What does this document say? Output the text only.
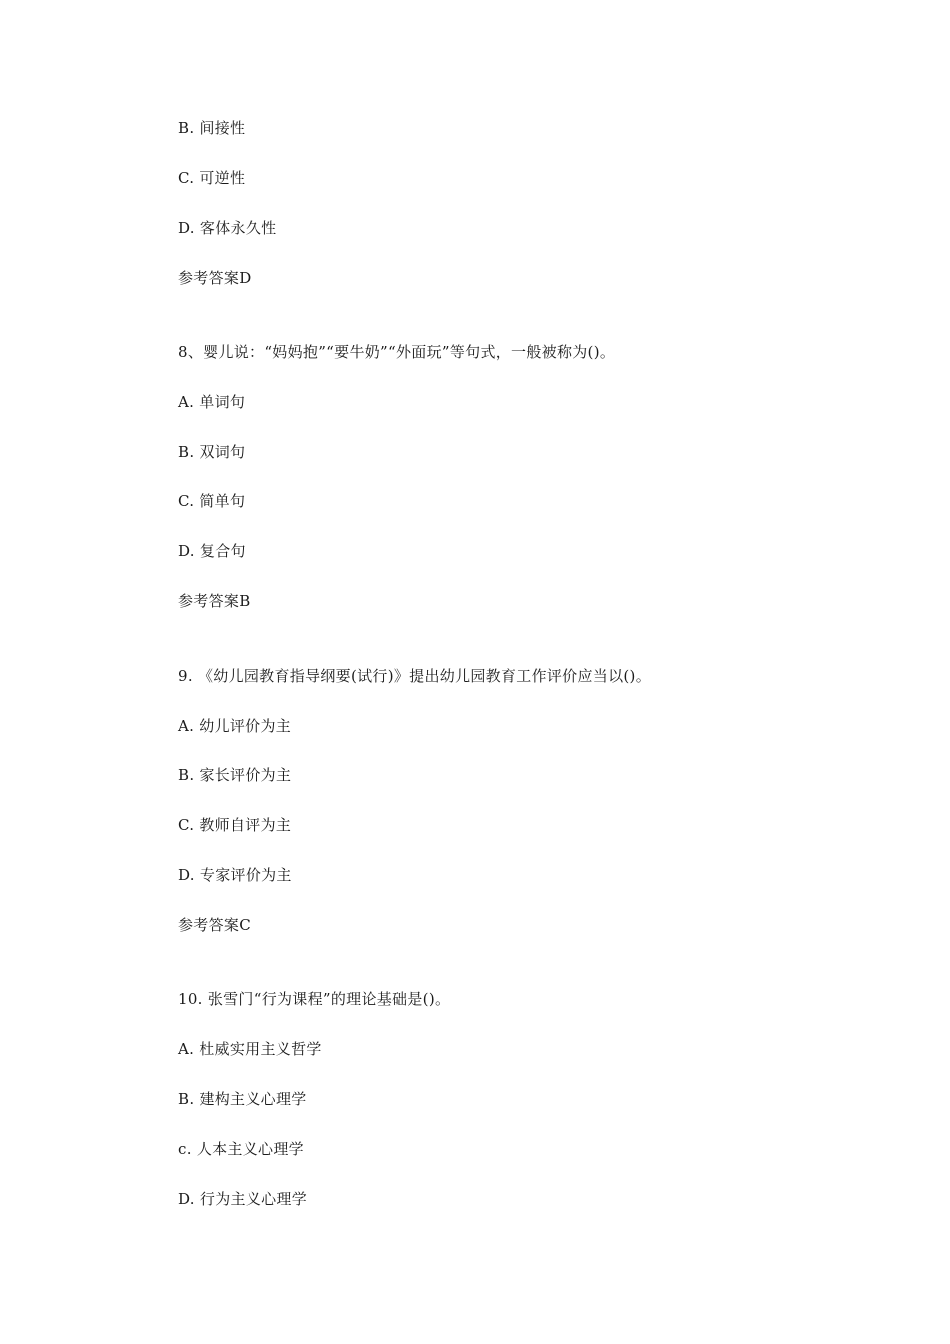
B. 间接性
C. 可逆性
D. 客体永久性
参考答案D
8、婴儿说：“妈妈抱”“要牛奶”“外面玩”等句式，一般被称为()。
A. 单词句
B. 双词句
C. 简单句
D. 复合句
参考答案B
9. 《幼儿园教育指导纲要(试行)》提出幼儿园教育工作评价应当以()。
A. 幼儿评价为主
B. 家长评价为主
C. 教师自评为主
D. 专家评价为主
参考答案C
10. 张雪门“行为课程”的理论基础是()。
A. 杜威实用主义哲学
B. 建构主义心理学
c. 人本主义心理学
D. 行为主义心理学
